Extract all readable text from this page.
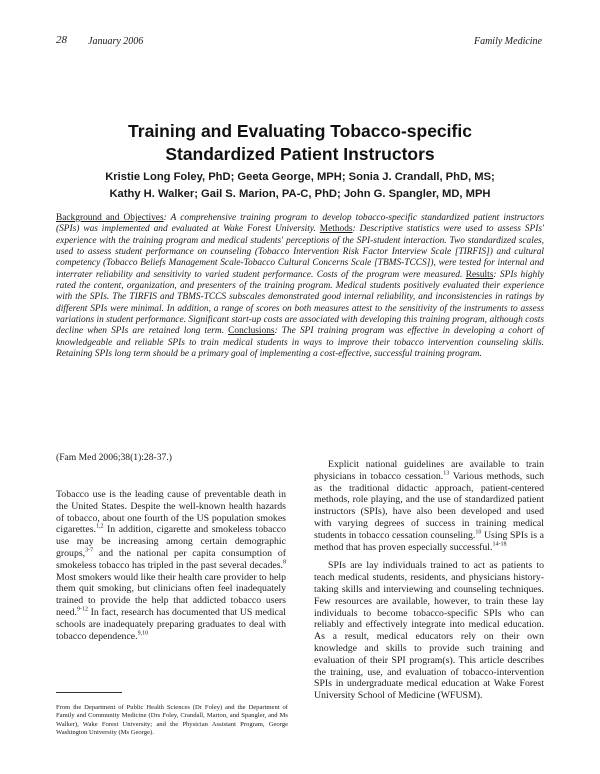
28 January 2006	Family Medicine
Training and Evaluating Tobacco-specific
Standardized Patient Instructors
Kristie Long Foley, PhD; Geeta George, MPH; Sonia J. Crandall, PhD, MS;
Kathy H. Walker; Gail S. Marion, PA-C, PhD; John G. Spangler, MD, MPH
Background and Objectives: A comprehensive training program to develop tobacco-specific standardized patient instructors (SPIs) was implemented and evaluated at Wake Forest University. Methods: Descriptive statistics were used to assess SPIs' experience with the training program and medical students' perceptions of the SPI-student interaction. Two standardized scales, used to assess student performance on counseling (Tobacco Intervention Risk Factor Interview Scale [TIRFIS]) and cultural competency (Tobacco Beliefs Management Scale-Tobacco Cultural Concerns Scale [TBMS-TCCS]), were tested for internal and interrater reliability and sensitivity to varied student performance. Costs of the program were measured. Results: SPIs highly rated the content, organization, and presenters of the training program. Medical students positively evaluated their experience with the SPIs. The TIRFIS and TBMS-TCCS subscales demonstrated good internal reliability, and inconsistencies in ratings by different SPIs were minimal. In addition, a range of scores on both measures attest to the sensitivity of the instruments to assess variations in student performance. Significant start-up costs are associated with developing this training program, although costs decline when SPIs are retained long term. Conclusions: The SPI training program was effective in developing a cohort of knowledgeable and reliable SPIs to train medical students in ways to improve their tobacco intervention counseling skills. Retaining SPIs long term should be a primary goal of implementing a cost-effective, successful training program.
(Fam Med 2006;38(1):28-37.)

Tobacco use is the leading cause of preventable death in the United States. Despite the well-known health hazards of tobacco, about one fourth of the US population smokes cigarettes.$^{1,2}$ In addition, cigarette and smokeless tobacco use may be increasing among certain demographic groups,$^{3-7}$ and the national per capita consumption of smokeless tobacco has tripled in the past several decades.$^8$ Most smokers would like their health care provider to help them quit smoking, but clinicians often feel inadequately trained to provide the help that addicted tobacco users need.$^{9-12}$ In fact, research has documented that US medical schools are inadequately preparing graduates to deal with tobacco dependence.$^{9,10}$

Explicit national guidelines are available to train physicians in tobacco cessation.$^{13}$ Various methods, such as the traditional didactic approach, patient-centered methods, role playing, and the use of standardized patient instructors (SPIs), have also been developed and used with varying degrees of success in training medical students in tobacco cessation counseling.$^{10}$ Using SPIs is a method that has proven especially successful.$^{14-18}$

SPIs are lay individuals trained to act as patients to teach medical students, residents, and physicians history-taking skills and interviewing and counseling techniques. Few resources are available, however, to train these lay individuals to become tobacco-specific SPIs who can reliably and effectively integrate into medical education. As a result, medical educators rely on their own knowledge and skills to provide such training and evaluation of their SPI program(s). This article describes the training, use, and evaluation of tobacco-intervention SPIs in undergraduate medical education at Wake Forest University School of Medicine (WFUSM).

From the Department of Public Health Sciences (Dr Foley) and the Department of Family and Community Medicine (Drs Foley, Crandall, Marion, and Spangler, and Ms Walker), Wake Forest University; and the Physician Assistant Program, George Washington University (Ms George).
